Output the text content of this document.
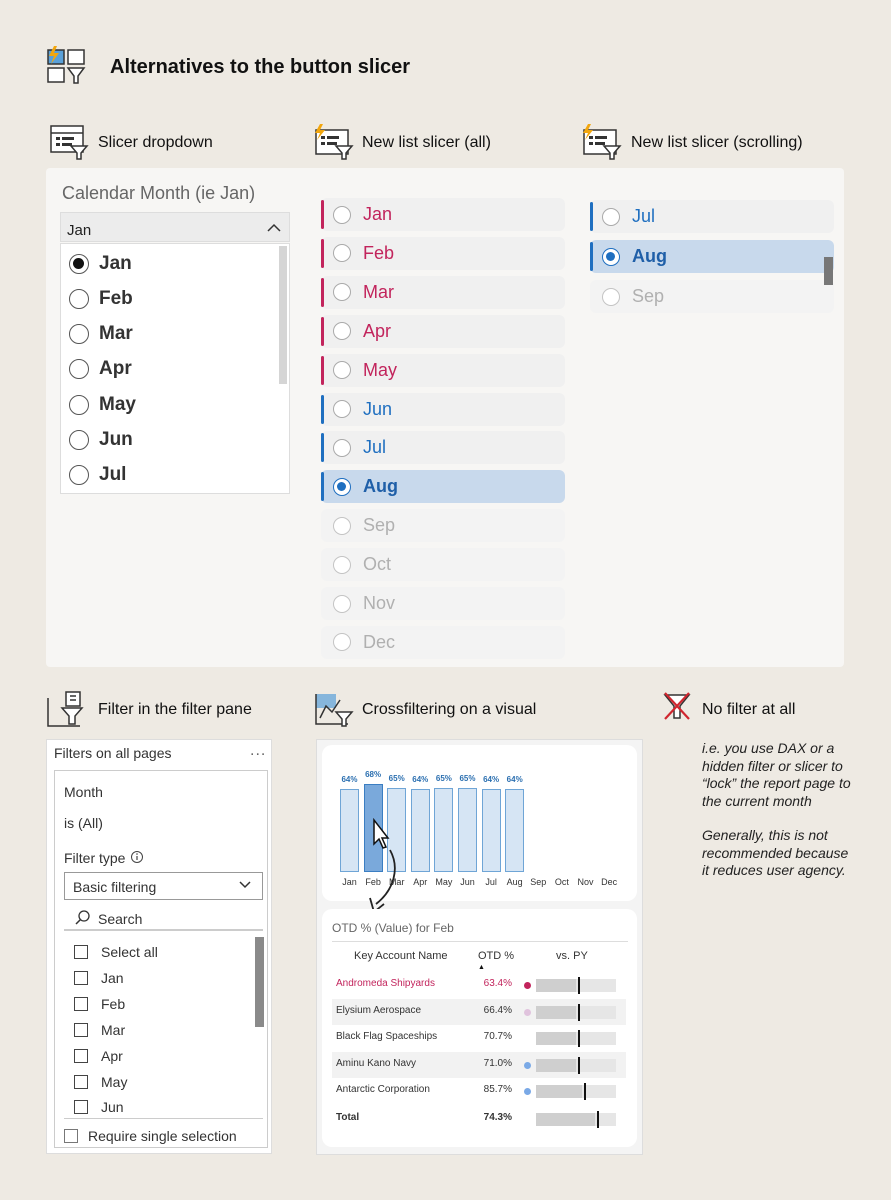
Alternatives to the button slicer
Slicer dropdown	New list slicer (all)	New list slicer (scrolling)
Calendar Month (ie Jan)
Jan
Jan
Feb
Mar
Apr
May
Jun
Jul
Jan
Feb
Mar
Apr
May
Jun
Jul
Aug
Sep
Oct
Nov
Dec
Jul
Aug
Sep
Filter in the filter pane	Crossfiltering on a visual	No filter at all
Filters on all pages	...
Month
is (All)
Filter type
Basic filtering
Search
Select all
Jan
Feb
Mar
Apr
May
Jun
Require single selection
64%
Jan
68%
Feb
65%
Mar
64%
Apr
65%
May
65%
Jun
64%
Jul
64%
Aug Sep Oct Nov Dec
OTD % (Value) for Feb
Key Account Name	OTD %
▲
vs. PY
Andromeda Shipyards	63.4%
Elysium Aerospace	66.4%
Black Flag Spaceships	70.7%
Aminu Kano Navy	71.0%
Antarctic Corporation	85.7%
Total	74.3%
i.e. you use DAX or a hidden filter or slicer to “lock” the report page to the current month
Generally, this is not recommended because it reduces user agency.
